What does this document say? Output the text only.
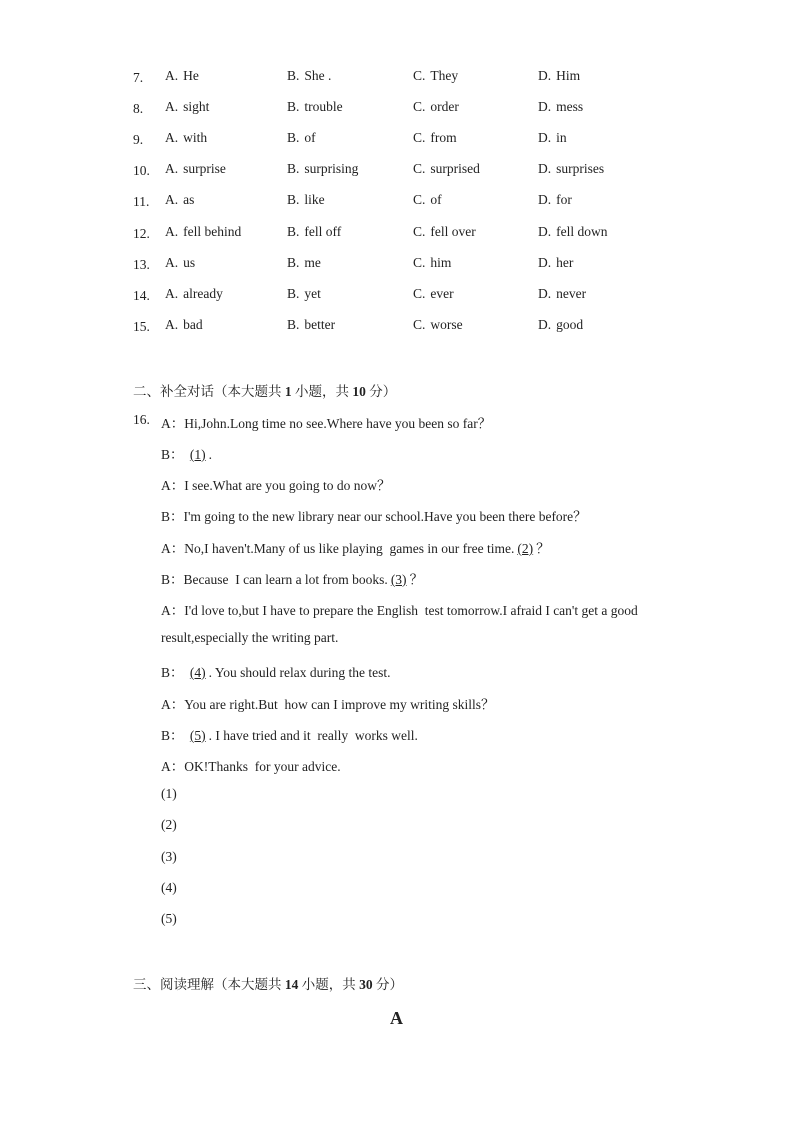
7. A. He	B. She .	C. They	D. Him
8. A. sight	B. trouble	C. order	D. mess
9. A. with	B. of	C. from	D. in
10. A. surprise	B. surprising	C. surprised	D. surprises
11. A. as	B. like	C. of	D. for
12. A. fell behind	B. fell off	C. fell over	D. fell down
13. A. us	B. me	C. him	D. her
14. A. already	B. yet	C. ever	D. never
15. A. bad	B. better	C. worse	D. good
二、补全对话（本大题共 1 小题，共 10 分）
16. A：Hi,John.Long time no see.Where have you been so far？
B： (1) .
A：I see.What are you going to do now？
B：I'm going to the new library near our school.Have you been there before？
A：No,I haven't.Many of us like playing  games in our free time. (2) ？
B：Because  I can learn a lot from books. (3) ？
A：I'd love to,but I have to prepare the English  test tomorrow.I afraid I can't get a good
result,especially the writing part.
B： (4) . You should relax during the test.
A：You are right.But  how can I improve my writing skills？
B： (5) . I have tried and it  really  works well.
A：OK!Thanks  for your advice.
(1)
(2)
(3)
(4)
(5)
三、阅读理解（本大题共 14 小题，共 30 分）
A
